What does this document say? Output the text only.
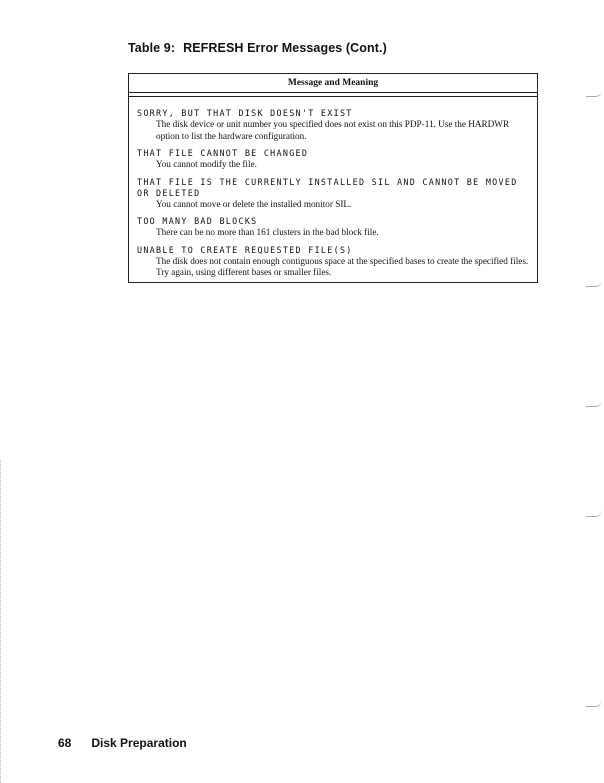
Table 9: REFRESH Error Messages (Cont.)
Message and Meaning
SORRY, BUT THAT DISK DOESN'T EXIST
The disk device or unit number you specified does not exist on this PDP-11. Use the HARDWR option to list the hardware configuration.
THAT FILE CANNOT BE CHANGED
You cannot modify the file.
THAT FILE IS THE CURRENTLY INSTALLED SIL AND CANNOT BE MOVED OR DELETED
You cannot move or delete the installed monitor SIL.
TOO MANY BAD BLOCKS
There can be no more than 161 clusters in the bad block file.
UNABLE TO CREATE REQUESTED FILE(S)
The disk does not contain enough contiguous space at the specified bases to create the specified files. Try again, using different bases or smaller files.
68 Disk Preparation
